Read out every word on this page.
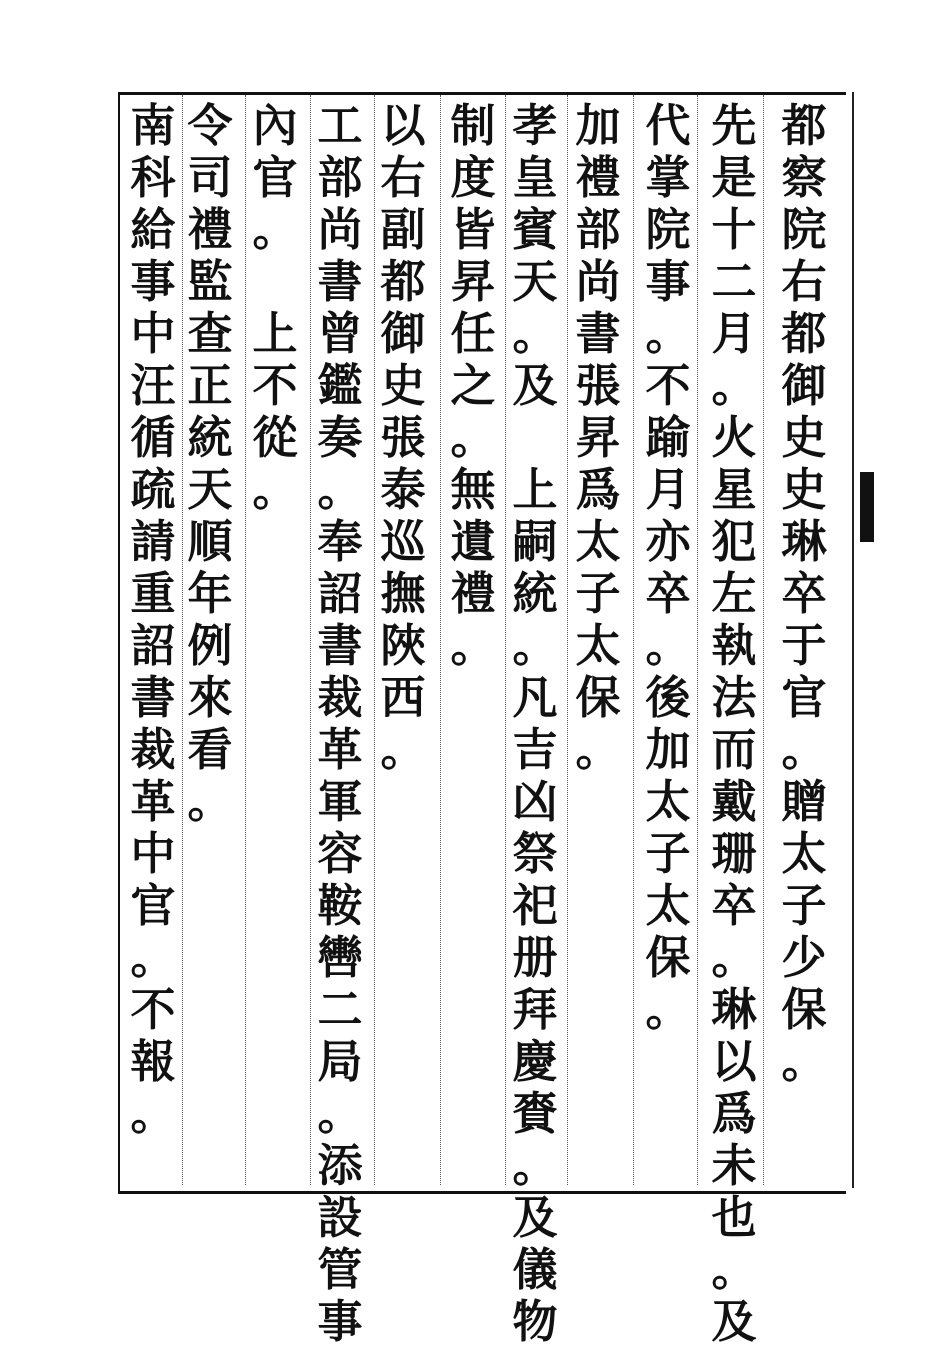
都
察
院
右
都
御
史
史
琳
卒
于
官
。
贈
太
子
少
保
。
先
是
十
二
月
。
火
星
犯
左
執
法
而
戴
珊
卒
。
琳
以
爲
未
也
。
及
代
掌
院
事
。
不
踰
月
亦
卒
。
後
加
太
子
太
保
。
加
禮
部
尚
書
張
昇
爲
太
子
太
保
。
孝
皇
賓
天
。
及

上
嗣
統
。
凡
吉
凶
祭
祀
册
拜
慶
賚
。
及
儀
物
制
度
皆
昇
任
之
。
無
遺
禮
。
以
右
副
都
御
史
張
泰
巡
撫
陜
西
。
工
部
尚
書
曾
鑑
奏
。
奉
詔
書
裁
革
軍
容
鞍
轡
二
局
。
添
設
管
事
內
官
。

上
不
從
。
令
司
禮
監
查
正
統
天
順
年
例
來
看
。
南
科
給
事
中
汪
循
疏
請
重
詔
書
裁
革
中
官
。
不
報
。
